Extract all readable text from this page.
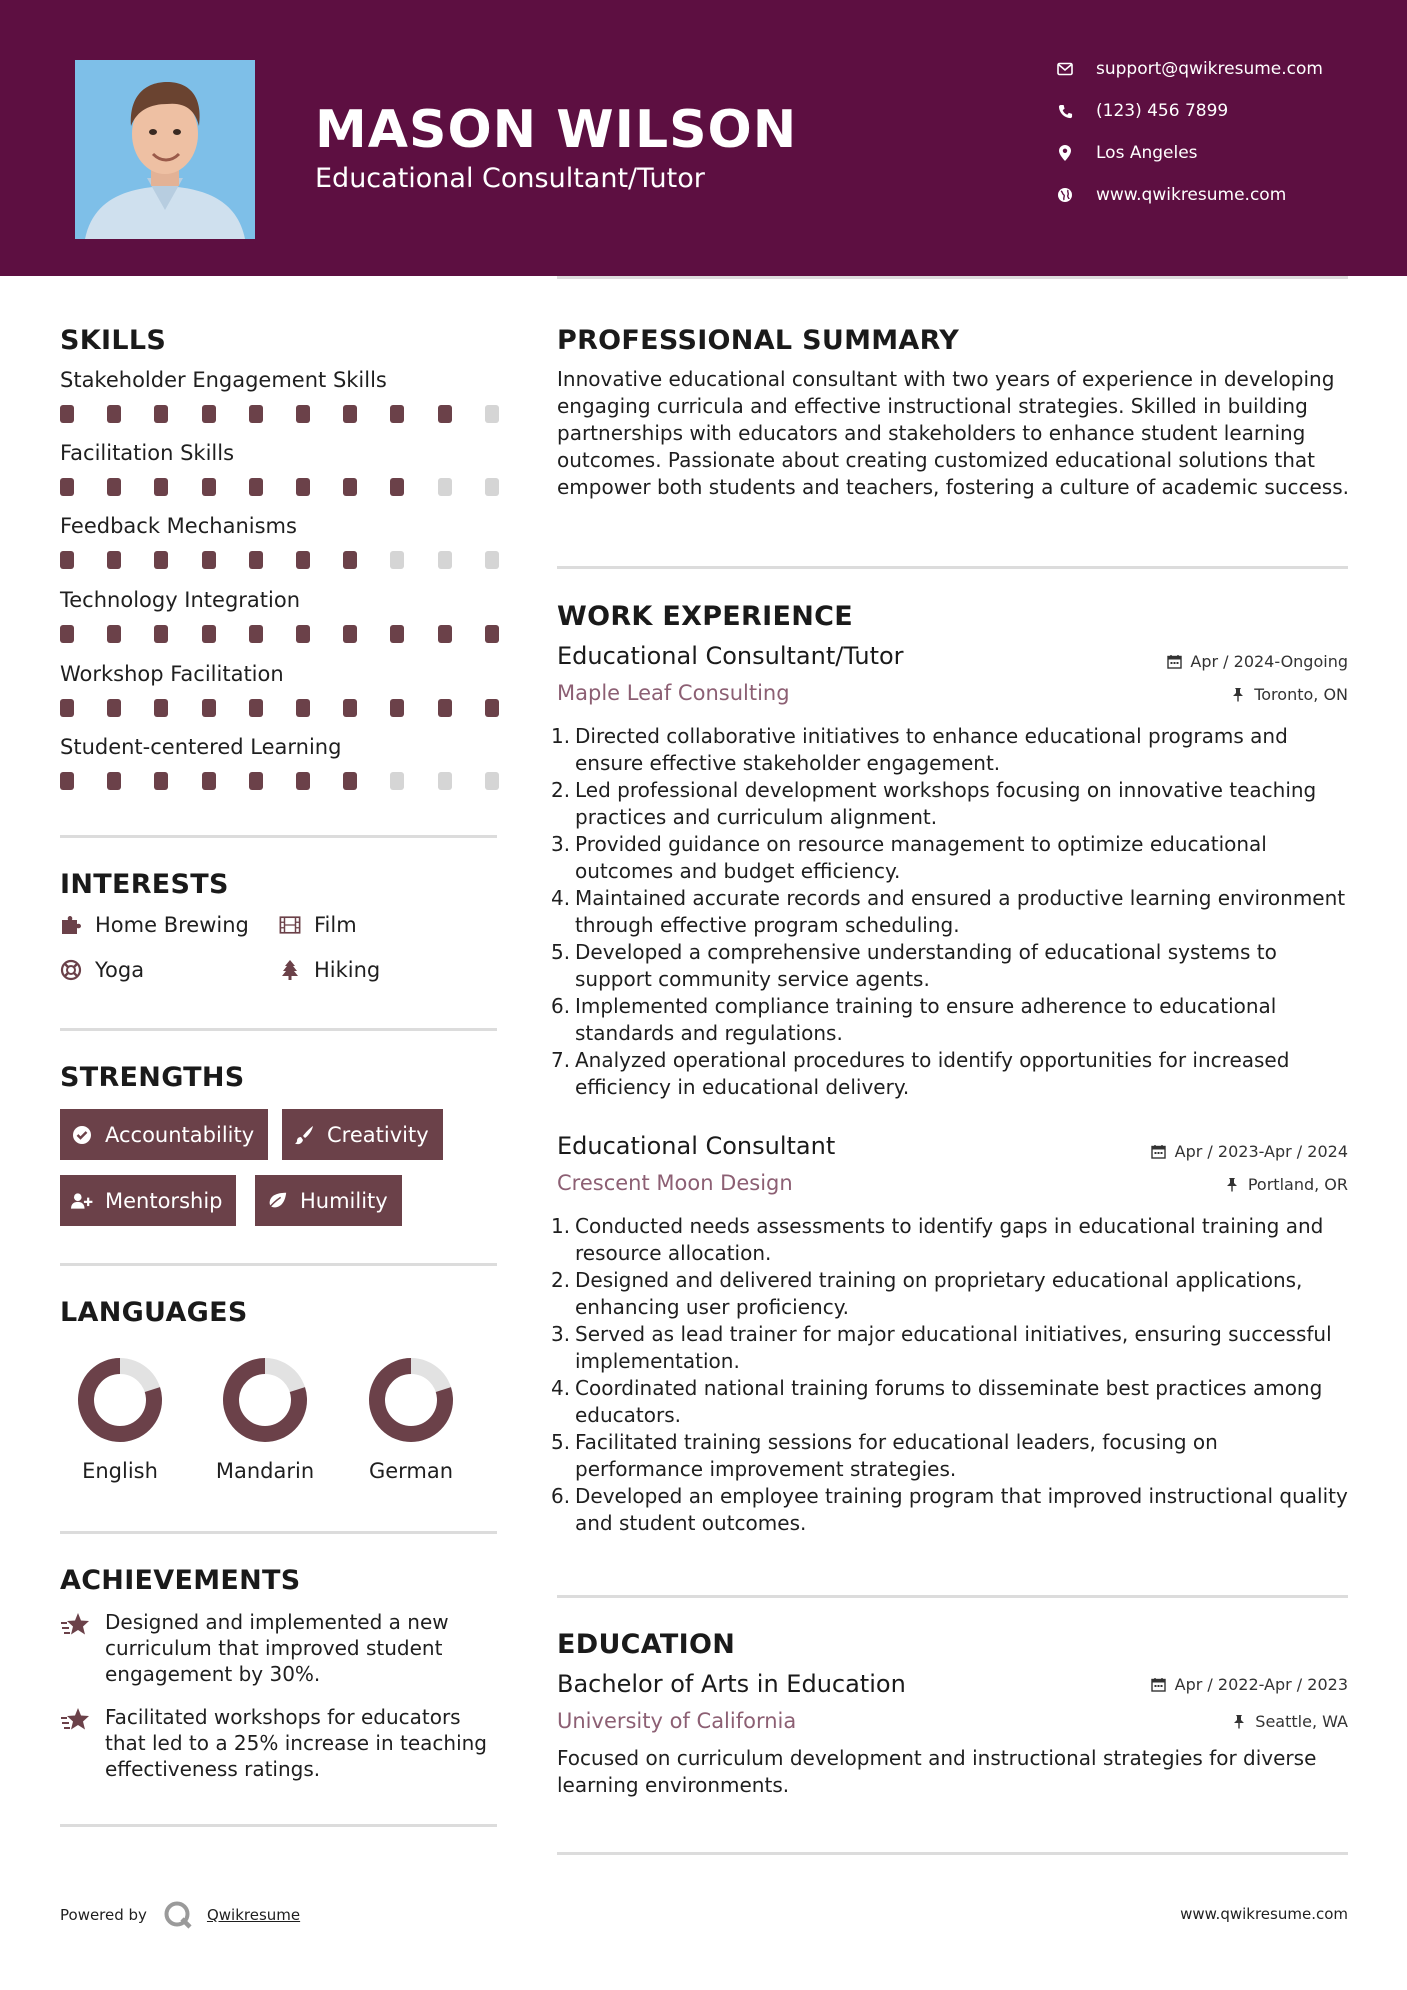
MASON WILSON
Educational Consultant/Tutor
support@qwikresume.com
(123) 456 7899
Los Angeles
www.qwikresume.com
SKILLS
Stakeholder Engagement Skills
Facilitation Skills
Feedback Mechanisms
Technology Integration
Workshop Facilitation
Student-centered Learning
INTERESTS
Home Brewing	Film
Yoga	Hiking
STRENGTHS
Accountability	Creativity
Mentorship	Humility
LANGUAGES
English	Mandarin	German
ACHIEVEMENTS
Designed and implemented a new curriculum that improved student engagement by 30%.
Facilitated workshops for educators that led to a 25% increase in teaching effectiveness ratings.
PROFESSIONAL SUMMARY
Innovative educational consultant with two years of experience in developing engaging curricula and effective instructional strategies. Skilled in building partnerships with educators and stakeholders to enhance student learning outcomes. Passionate about creating customized educational solutions that empower both students and teachers, fostering a culture of academic success.
WORK EXPERIENCE
Educational Consultant/Tutor	Apr / 2024-Ongoing
Maple Leaf Consulting	Toronto, ON
1. Directed collaborative initiatives to enhance educational programs and ensure effective stakeholder engagement.
2. Led professional development workshops focusing on innovative teaching practices and curriculum alignment.
3. Provided guidance on resource management to optimize educational outcomes and budget efficiency.
4. Maintained accurate records and ensured a productive learning environment through effective program scheduling.
5. Developed a comprehensive understanding of educational systems to support community service agents.
6. Implemented compliance training to ensure adherence to educational standards and regulations.
7. Analyzed operational procedures to identify opportunities for increased efficiency in educational delivery.
Educational Consultant	Apr / 2023-Apr / 2024
Crescent Moon Design	Portland, OR
1. Conducted needs assessments to identify gaps in educational training and resource allocation.
2. Designed and delivered training on proprietary educational applications, enhancing user proficiency.
3. Served as lead trainer for major educational initiatives, ensuring successful implementation.
4. Coordinated national training forums to disseminate best practices among educators.
5. Facilitated training sessions for educational leaders, focusing on performance improvement strategies.
6. Developed an employee training program that improved instructional quality and student outcomes.
EDUCATION
Bachelor of Arts in Education	Apr / 2022-Apr / 2023
University of California	Seattle, WA
Focused on curriculum development and instructional strategies for diverse learning environments.
Powered by	Qwikresume	www.qwikresume.com
